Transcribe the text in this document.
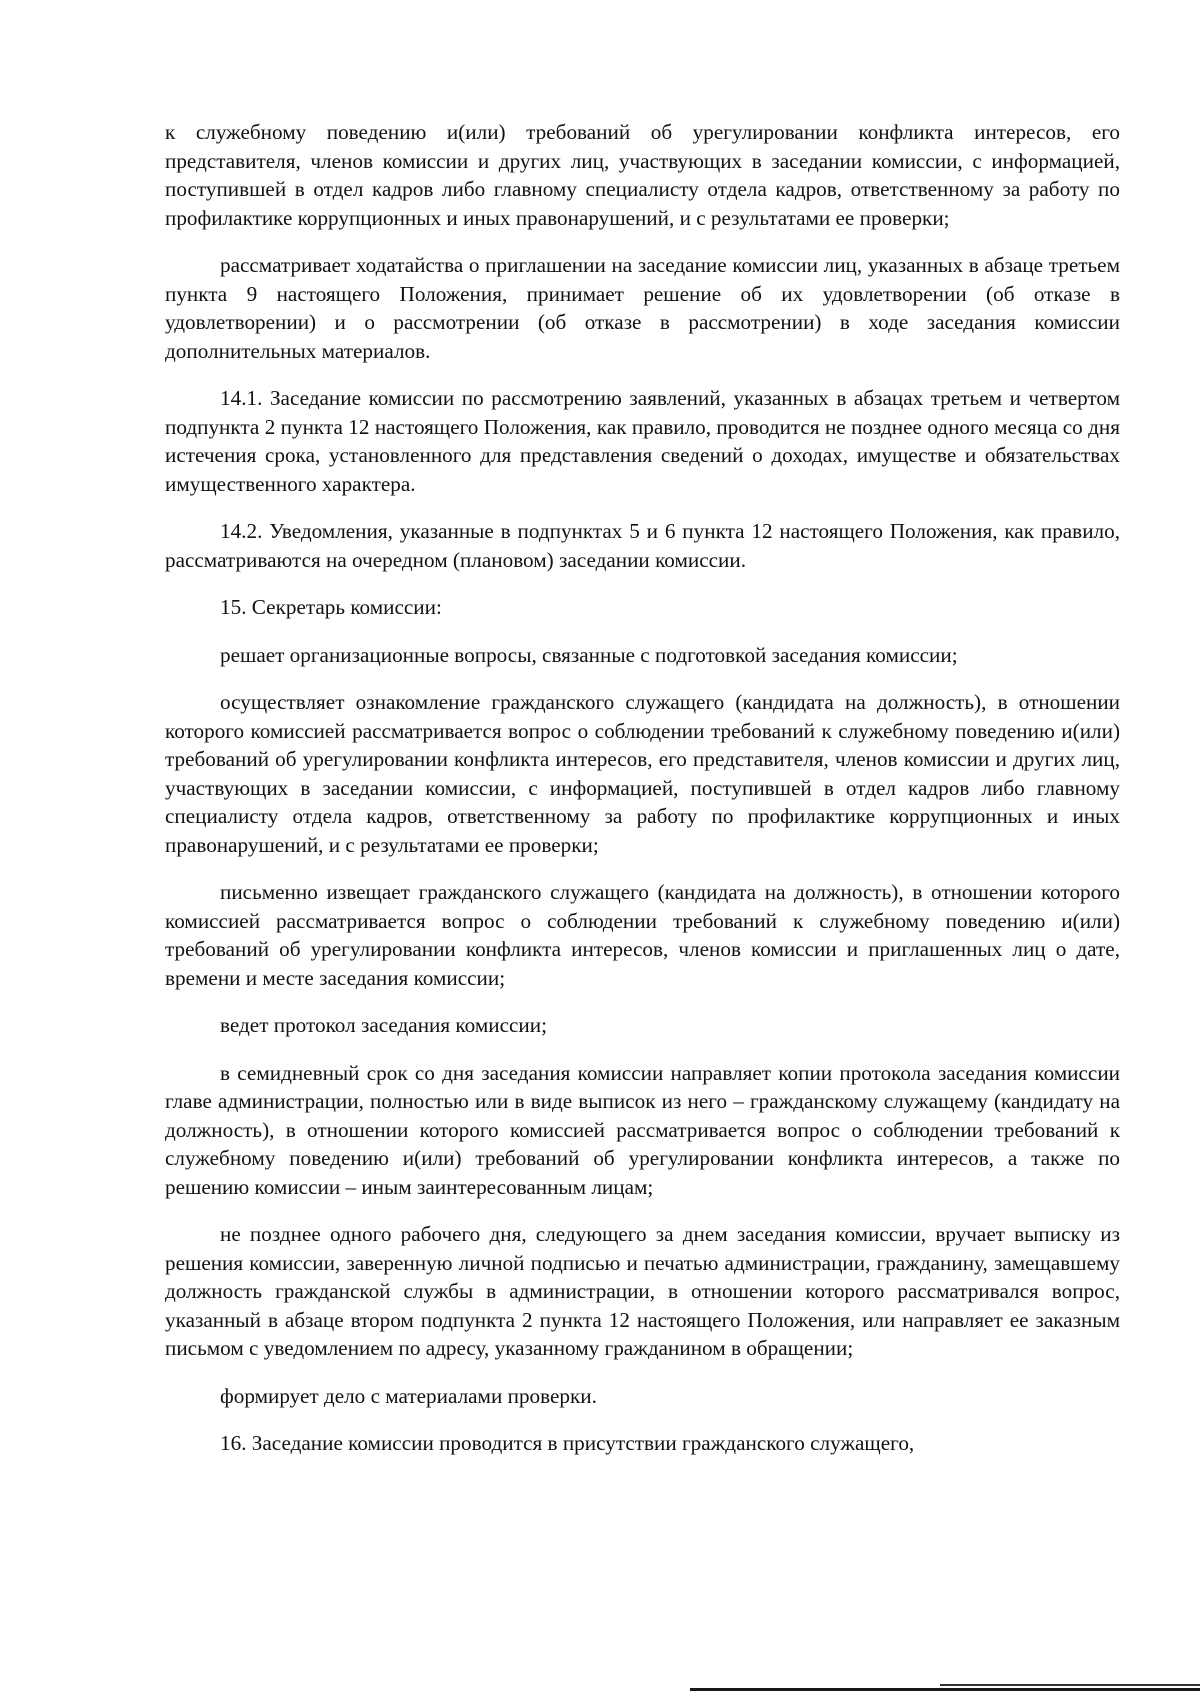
к служебному поведению и(или) требований об урегулировании конфликта интересов, его представителя, членов комиссии и других лиц, участвующих в заседании комиссии, с информацией, поступившей в отдел кадров либо главному специалисту отдела кадров, ответственному за работу по профилактике коррупционных и иных правонарушений, и с результатами ее проверки;

рассматривает ходатайства о приглашении на заседание комиссии лиц, указанных в абзаце третьем пункта 9 настоящего Положения, принимает решение об их удовлетворении (об отказе в удовлетворении) и о рассмотрении (об отказе в рассмотрении) в ходе заседания комиссии дополнительных материалов.

14.1. Заседание комиссии по рассмотрению заявлений, указанных в абзацах третьем и четвертом подпункта 2 пункта 12 настоящего Положения, как правило, проводится не позднее одного месяца со дня истечения срока, установленного для представления сведений о доходах, имуществе и обязательствах имущественного характера.

14.2. Уведомления, указанные в подпунктах 5 и 6 пункта 12 настоящего Положения, как правило, рассматриваются на очередном (плановом) заседании комиссии.

15. Секретарь комиссии:

решает организационные вопросы, связанные с подготовкой заседания комиссии;

осуществляет ознакомление гражданского служащего (кандидата на должность), в отношении которого комиссией рассматривается вопрос о соблюдении требований к служебному поведению и(или) требований об урегулировании конфликта интересов, его представителя, членов комиссии и других лиц, участвующих в заседании комиссии, с информацией, поступившей в отдел кадров либо главному специалисту отдела кадров, ответственному за работу по профилактике коррупционных и иных правонарушений, и с результатами ее проверки;

письменно извещает гражданского служащего (кандидата на должность), в отношении которого комиссией рассматривается вопрос о соблюдении требований к служебному поведению и(или) требований об урегулировании конфликта интересов, членов комиссии и приглашенных лиц о дате, времени и месте заседания комиссии;

ведет протокол заседания комиссии;

в семидневный срок со дня заседания комиссии направляет копии протокола заседания комиссии главе администрации, полностью или в виде выписок из него – гражданскому служащему (кандидату на должность), в отношении которого комиссией рассматривается вопрос о соблюдении требований к служебному поведению и(или) требований об урегулировании конфликта интересов, а также по решению комиссии – иным заинтересованным лицам;

не позднее одного рабочего дня, следующего за днем заседания комиссии, вручает выписку из решения комиссии, заверенную личной подписью и печатью администрации, гражданину, замещавшему должность гражданской службы в администрации, в отношении которого рассматривался вопрос, указанный в абзаце втором подпункта 2 пункта 12 настоящего Положения, или направляет ее заказным письмом с уведомлением по адресу, указанному гражданином в обращении;

формирует дело с материалами проверки.

16. Заседание комиссии проводится в присутствии гражданского служащего,
